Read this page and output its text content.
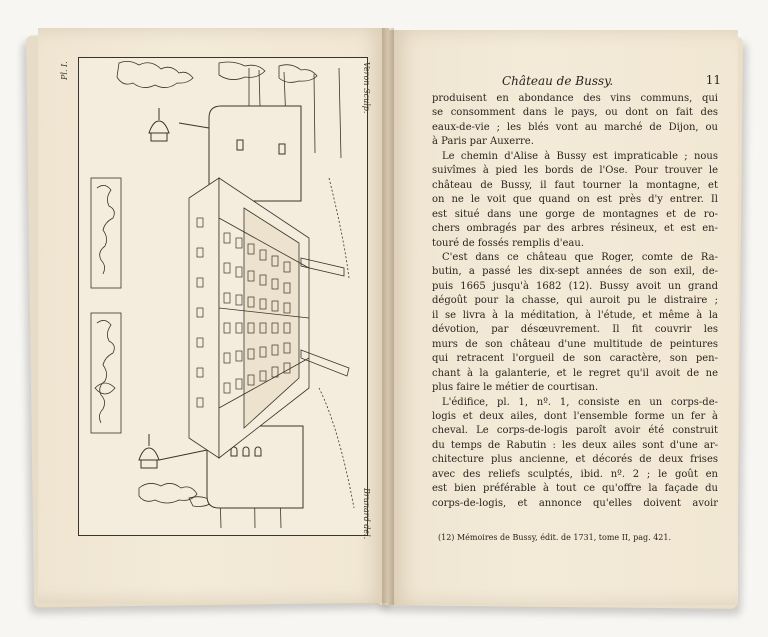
Pl. I.	Veron Sculp.
Brunard del.
Château de Bussy.	11
produisent en abondance des vins communs, qui
se consomment dans le pays, ou dont on fait des
eaux-de-vie ; les blés vont au marché de Dijon, ou
à Paris par Auxerre.
Le chemin d'Alise à Bussy est impraticable ; nous
suivîmes à pied les bords de l'Ose. Pour trouver le
château de Bussy, il faut tourner la montagne, et
on ne le voit que quand on est près d'y entrer. Il
est situé dans une gorge de montagnes et de ro-
chers ombragés par des arbres résineux, et est en-
touré de fossés remplis d'eau.
C'est dans ce château que Roger, comte de Ra-
butin, a passé les dix-sept années de son exil, de-
puis 1665 jusqu'à 1682 (12). Bussy avoit un grand
dégoût pour la chasse, qui auroit pu le distraire ;
il se livra à la méditation, à l'étude, et même à la
dévotion, par désœuvrement. Il fit couvrir les
murs de son château d'une multitude de peintures
qui retracent l'orgueil de son caractère, son pen-
chant à la galanterie, et le regret qu'il avoit de ne
plus faire le métier de courtisan.
L'édifice, pl. 1, nº. 1, consiste en un corps-de-
logis et deux ailes, dont l'ensemble forme un fer à
cheval. Le corps-de-logis paroît avoir été construit
du temps de Rabutin : les deux ailes sont d'une ar-
chitecture plus ancienne, et décorés de deux frises
avec des reliefs sculptés, ibid. nº. 2 ; le goût en
est bien préférable à tout ce qu'offre la façade du
corps-de-logis, et annonce qu'elles doivent avoir
(12) Mémoires de Bussy, édit. de 1731, tome II, pag. 421.
